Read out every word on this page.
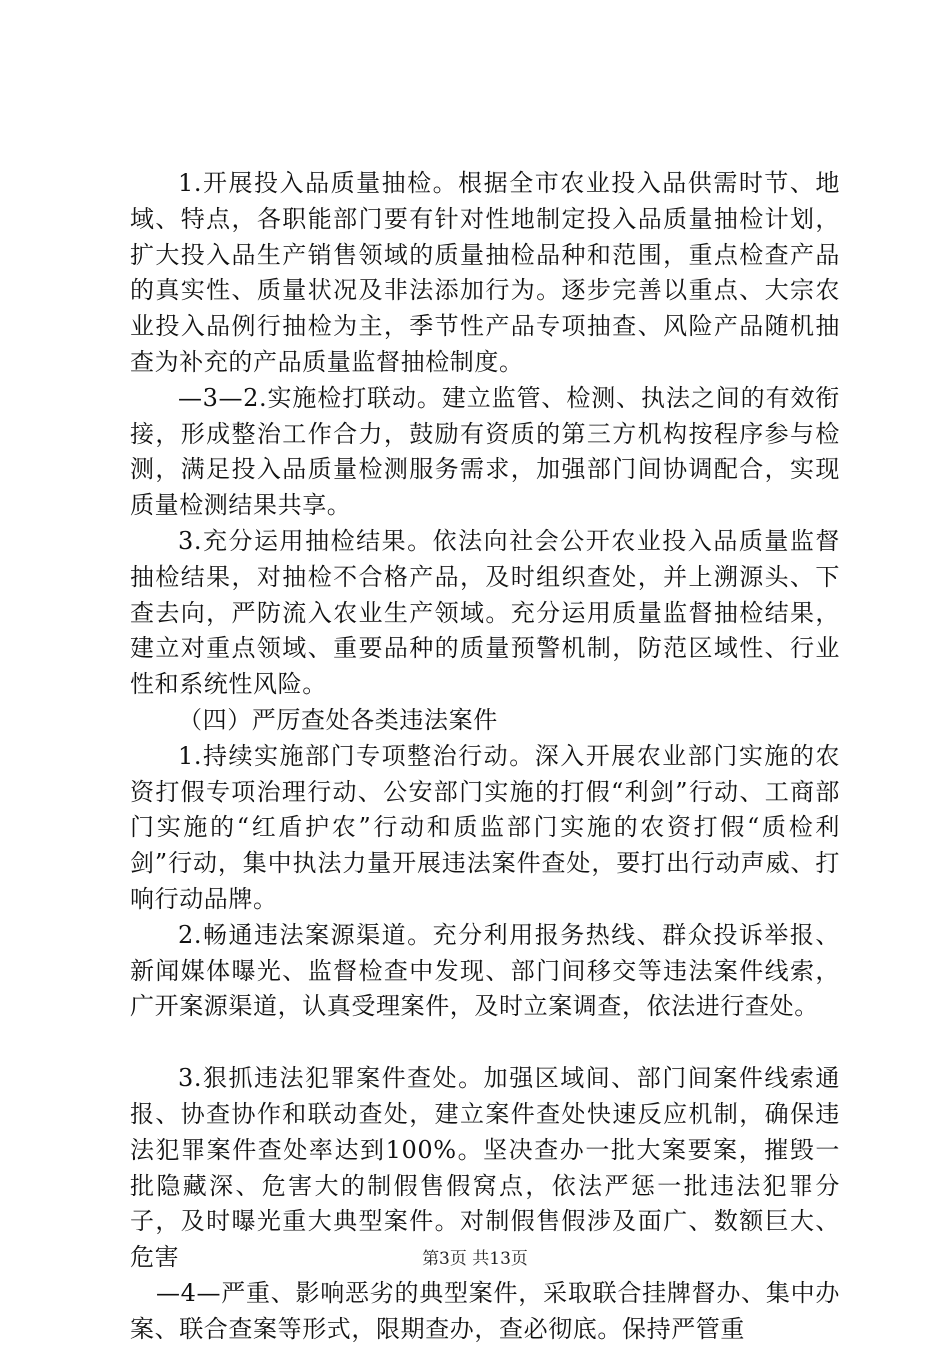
1.开展投入品质量抽检。根据全市农业投入品供需时节、地域、特点，各职能部门要有针对性地制定投入品质量抽检计划，扩大投入品生产销售领域的质量抽检品种和范围，重点检查产品的真实性、质量状况及非法添加行为。逐步完善以重点、大宗农业投入品例行抽检为主，季节性产品专项抽查、风险产品随机抽查为补充的产品质量监督抽检制度。

—3—2.实施检打联动。建立监管、检测、执法之间的有效衔接，形成整治工作合力，鼓励有资质的第三方机构按程序参与检测，满足投入品质量检测服务需求，加强部门间协调配合，实现质量检测结果共享。

3.充分运用抽检结果。依法向社会公开农业投入品质量监督抽检结果，对抽检不合格产品，及时组织查处，并上溯源头、下查去向，严防流入农业生产领域。充分运用质量监督抽检结果，建立对重点领域、重要品种的质量预警机制，防范区域性、行业性和系统性风险。

（四）严厉查处各类违法案件

1.持续实施部门专项整治行动。深入开展农业部门实施的农资打假专项治理行动、公安部门实施的打假“利剑”行动、工商部门实施的“红盾护农”行动和质监部门实施的农资打假“质检利剑”行动，集中执法力量开展违法案件查处，要打出行动声威、打响行动品牌。

2.畅通违法案源渠道。充分利用报务热线、群众投诉举报、新闻媒体曝光、监督检查中发现、部门间移交等违法案件线索，广开案源渠道，认真受理案件，及时立案调查，依法进行查处。

3.狠抓违法犯罪案件查处。加强区域间、部门间案件线索通报、协查协作和联动查处，建立案件查处快速反应机制，确保违法犯罪案件查处率达到100%。坚决查办一批大案要案，摧毁一批隐藏深、危害大的制假售假窝点，依法严惩一批违法犯罪分子，及时曝光重大典型案件。对制假售假涉及面广、数额巨大、危害

—4—严重、影响恶劣的典型案件，采取联合挂牌督办、集中办案、联合查案等形式，限期查办，查必彻底。保持严管重

第3页 共13页
